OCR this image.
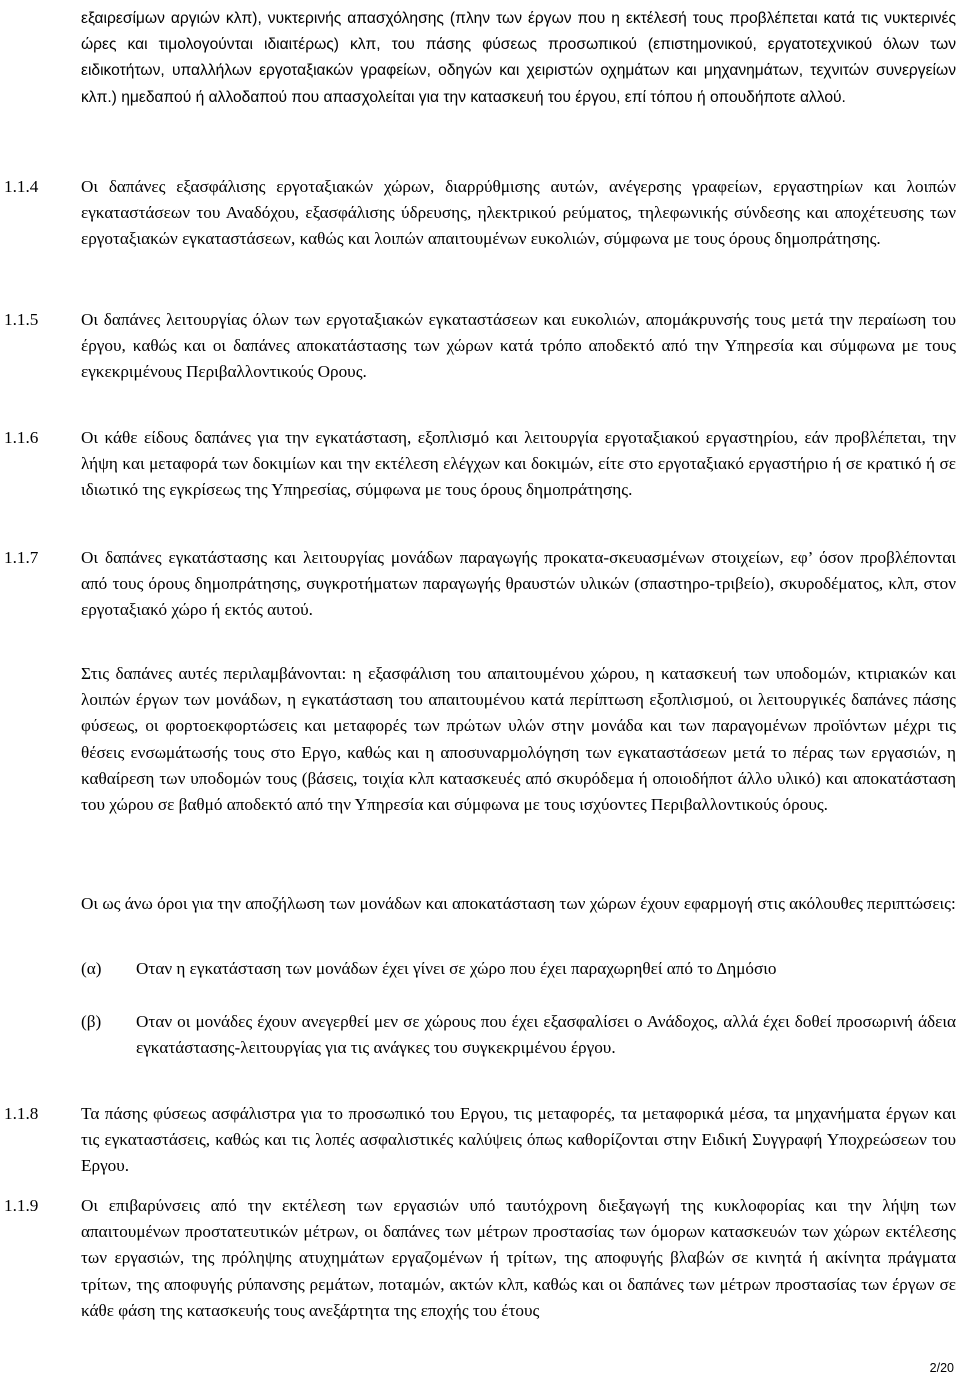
εξαιρεσίμων αργιών κλπ), νυκτερινής απασχόλησης (πλην των έργων που η εκτέλεσή τους προβλέπεται κατά τις νυκτερινές ώρες και τιμολογούνται ιδιαιτέρως) κλπ, του πάσης φύσεως προσωπικού (επιστημονικού, εργατοτεχνικού όλων των ειδικοτήτων, υπαλλήλων εργοταξιακών γραφείων, οδηγών και χειριστών οχημάτων και μηχανημάτων, τεχνιτών συνεργείων κλπ.) ημεδαπού ή αλλοδαπού που απασχολείται για την κατασκευή του έργου, επί τόπου ή οπουδήποτε αλλού.

1.1.4 Οι δαπάνες εξασφάλισης εργοταξιακών χώρων, διαρρύθμισης αυτών, ανέγερσης γραφείων, εργαστηρίων και λοιπών εγκαταστάσεων του Αναδόχου, εξασφάλισης ύδρευσης, ηλεκτρικού ρεύματος, τηλεφωνικής σύνδεσης και αποχέτευσης των εργοταξιακών εγκαταστάσεων, καθώς και λοιπών απαιτουμένων ευκολιών, σύμφωνα με τους όρους δημοπράτησης.

1.1.5 Οι δαπάνες λειτουργίας όλων των εργοταξιακών εγκαταστάσεων και ευκολιών, απομάκρυνσής τους μετά την περαίωση του έργου, καθώς και οι δαπάνες αποκατάστασης των χώρων κατά τρόπο αποδεκτό από την Υπηρεσία και σύμφωνα με τους εγκεκριμένους Περιβαλλοντικούς Ορους.

1.1.6 Οι κάθε είδους δαπάνες για την εγκατάσταση, εξοπλισμό και λειτουργία εργοταξιακού εργαστηρίου, εάν προβλέπεται, την λήψη και μεταφορά των δοκιμίων και την εκτέλεση ελέγχων και δοκιμών, είτε στο εργοταξιακό εργαστήριο ή σε κρατικό ή σε ιδιωτικό της εγκρίσεως της Υπηρεσίας, σύμφωνα με τους όρους δημοπράτησης.

1.1.7 Οι δαπάνες εγκατάστασης και λειτουργίας μονάδων παραγωγής προκατα-σκευασμένων στοιχείων, εφ’ όσον προβλέπονται από τους όρους δημοπράτησης, συγκροτήματων παραγωγής θραυστών υλικών (σπαστηρο-τριβείο), σκυροδέματος, κλπ, στον εργοταξιακό χώρο ή εκτός αυτού.

Στις δαπάνες αυτές περιλαμβάνονται: η εξασφάλιση του απαιτουμένου χώρου, η κατασκευή των υποδομών, κτιριακών και λοιπών έργων των μονάδων, η εγκατάσταση του απαιτουμένου κατά περίπτωση εξοπλισμού, οι λειτουργικές δαπάνες πάσης φύσεως, οι φορτοεκφορτώσεις και μεταφορές των πρώτων υλών στην μονάδα και των παραγομένων προϊόντων μέχρι τις θέσεις ενσωμάτωσής τους στο Εργο, καθώς και η αποσυναρμολόγηση των εγκαταστάσεων μετά το πέρας των εργασιών, η καθαίρεση των υποδομών τους (βάσεις, τοιχία κλπ κατασκευές από σκυρόδεμα ή οποιοδήποτ άλλο υλικό) και αποκατάσταση του χώρου σε βαθμό αποδεκτό από την Υπηρεσία και σύμφωνα με τους ισχύοντες Περιβαλλοντικούς όρους.

Οι ως άνω όροι για την αποζήλωση των μονάδων και αποκατάσταση των χώρων έχουν εφαρμογή στις ακόλουθες περιπτώσεις:

(α) Οταν η εγκατάσταση των μονάδων έχει γίνει σε χώρο που έχει παραχωρηθεί από το Δημόσιο

(β) Οταν οι μονάδες έχουν ανεγερθεί μεν σε χώρους που έχει εξασφαλίσει ο Ανάδοχος, αλλά έχει δοθεί προσωρινή άδεια εγκατάστασης-λειτουργίας για τις ανάγκες του συγκεκριμένου έργου.

1.1.8 Τα πάσης φύσεως ασφάλιστρα για το προσωπικό του Εργου, τις μεταφορές, τα μεταφορικά μέσα, τα μηχανήματα έργων και τις εγκαταστάσεις, καθώς και τις λοπές ασφαλιστικές καλύψεις όπως καθορίζονται στην Ειδική Συγγραφή Υποχρεώσεων του Εργου.

1.1.9 Οι επιβαρύνσεις από την εκτέλεση των εργασιών υπό ταυτόχρονη διεξαγωγή της κυκλοφορίας και την λήψη των απαιτουμένων προστατευτικών μέτρων, οι δαπάνες των μέτρων προστασίας των όμορων κατασκευών των χώρων εκτέλεσης των εργασιών, της πρόληψης ατυχημάτων εργαζομένων ή τρίτων, της αποφυγής βλαβών σε κινητά ή ακίνητα πράγματα τρίτων, της αποφυγής ρύπανσης ρεμάτων, ποταμών, ακτών κλπ, καθώς και οι δαπάνες των μέτρων προστασίας των έργων σε κάθε φάση της κατασκευής τους ανεξάρτητα της εποχής του έτους

2/20
